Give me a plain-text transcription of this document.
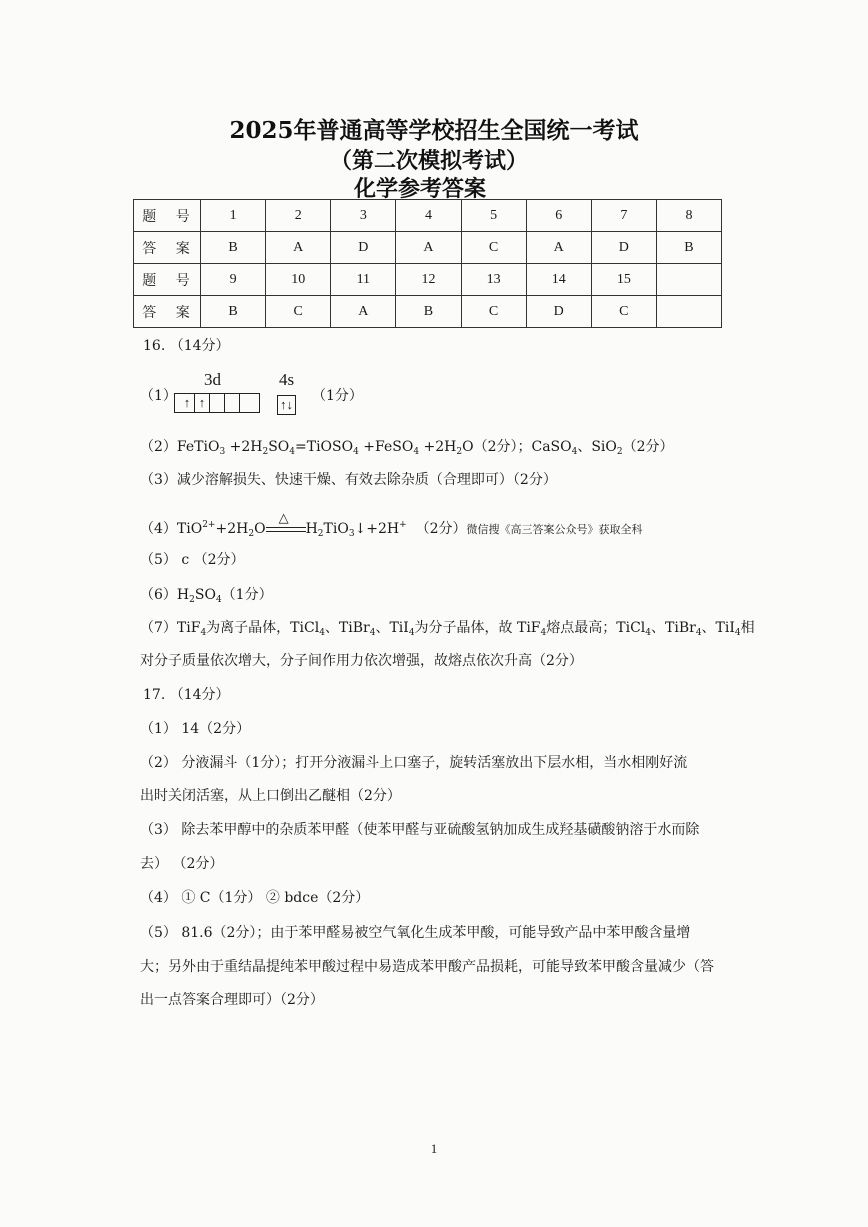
2025年普通高等学校招生全国统一考试
（第二次模拟考试）
化学参考答案
题 号	1	2	3	4	5	6	7	8
答 案	B	A	D	A	C	A	D	B
题 号	9	10	11	12	13	14	15	
答 案	B	C	A	B	C	D	C	
16. （14分）
（1）
3d	4s
↑ ↑	↑↓
（1分）
（2）FeTiO$_3$ $+2H_2SO_4=TiOSO_4$ +FeSO$_4$ $+2H_2O(2$分）；CaSO$_4$、SiO$_2$（2分）
（3）减少溶解损失、快速干燥、有效去除杂质（合理即可）（2分）
$(4)TiO^{2+}+2H_2O$
△
$H_2TiO_3↓+2H^+$ （2分）微信搜《高三答案公众号》获取全科
（5） c （2分）
$(6)H_2SO_4(1$分）
（7）TiF$_4$为离子晶体，TiCl$_4$、TiBr$_4$、TiI$_4$为分子晶体，故 TiF$_4$熔点最高；TiCl$_4$、TiBr$_4$、TiI$_4$相
对分子质量依次增大，分子间作用力依次增强，故熔点依次升高（2分）
17. （14分）
（1） 14（2分）
（2） 分液漏斗（1分）；打开分液漏斗上口塞子，旋转活塞放出下层水相，当水相刚好流
出时关闭活塞，从上口倒出乙醚相（2分）
（3） 除去苯甲醇中的杂质苯甲醛（使苯甲醛与亚硫酸氢钠加成生成羟基磺酸钠溶于水而除
去） （2分）
（4） ① C（1分） ② bdce（2分）
（5） 81.6（2分）；由于苯甲醛易被空气氧化生成苯甲酸，可能导致产品中苯甲酸含量增
大；另外由于重结晶提纯苯甲酸过程中易造成苯甲酸产品损耗，可能导致苯甲酸含量减少（答
出一点答案合理即可）（2分）
1
